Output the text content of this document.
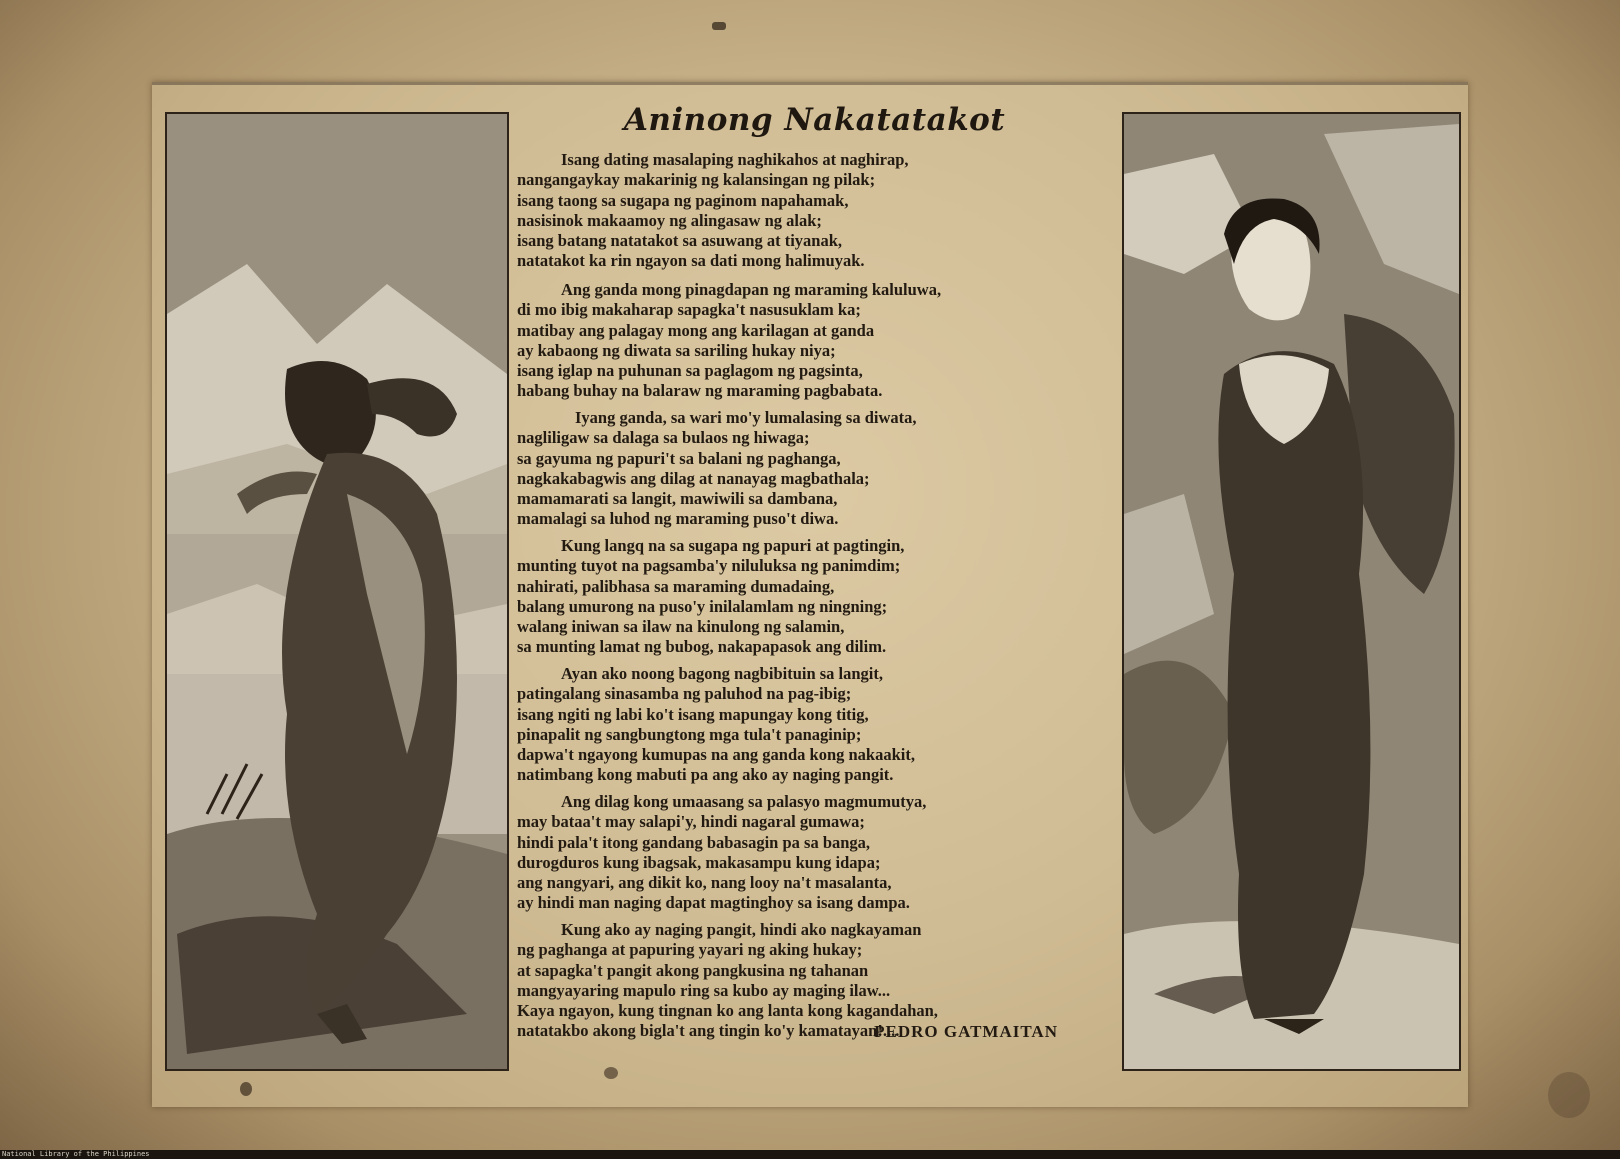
Aninong Nakatatakot
Isang dating masalaping naghikahos at naghirap,
nangangaykay makarinig ng kalansingan ng pilak;
isang taong sa sugapa ng paginom napahamak,
nasisinok makaamoy ng alingasaw ng alak;
isang batang natatakot sa asuwang at tiyanak,
natatakot ka rin ngayon sa dati mong halimuyak.
Ang ganda mong pinagdapan ng maraming kaluluwa,
di mo ibig makaharap sapagka't nasusuklam ka;
matibay ang palagay mong ang karilagan at ganda
ay kabaong ng diwata sa sariling hukay niya;
isang iglap na puhunan sa paglagom ng pagsinta,
habang buhay na balaraw ng maraming pagbabata.
Iyang ganda, sa wari mo'y lumalasing sa diwata,
nagliligaw sa dalaga sa bulaos ng hiwaga;
sa gayuma ng papuri't sa balani ng paghanga,
nagkakabagwis ang dilag at nanayag magbathala;
mamamarati sa langit, mawiwili sa dambana,
mamalagi sa luhod ng maraming puso't diwa.
Kung langq na sa sugapa ng papuri at pagtingin,
munting tuyot na pagsamba'y niluluksa ng panimdim;
nahirati, palibhasa sa maraming dumadaing,
balang umurong na puso'y inilalamlam ng ningning;
walang iniwan sa ilaw na kinulong ng salamin,
sa munting lamat ng bubog, nakapapasok ang dilim.
Ayan ako noong bagong nagbibituin sa langit,
patingalang sinasamba ng paluhod na pag-ibig;
isang ngiti ng labi ko't isang mapungay kong titig,
pinapalit ng sangbungtong mga tula't panaginip;
dapwa't ngayong kumupas na ang ganda kong nakaakit,
natimbang kong mabuti pa ang ako ay naging pangit.
Ang dilag kong umaasang sa palasyo magmumutya,
may bataa't may salapi'y, hindi nagaral gumawa;
hindi pala't itong gandang babasagin pa sa banga,
durogduros kung ibagsak, makasampu kung idapa;
ang nangyari, ang dikit ko, nang looy na't masalanta,
ay hindi man naging dapat magtinghoy sa isang dampa.
Kung ako ay naging pangit, hindi ako nagkayaman
ng paghanga at papuring yayari ng aking hukay;
at sapagka't pangit akong pangkusina ng tahanan
mangyayaring mapulo ring sa kubo ay maging ilaw...
Kaya ngayon, kung tingnan ko ang lanta kong kagandahan,
natatakbo akong bigla't ang tingin ko'y kamatayan!....
PEDRO GATMAITAN
National Library of the Philippines
